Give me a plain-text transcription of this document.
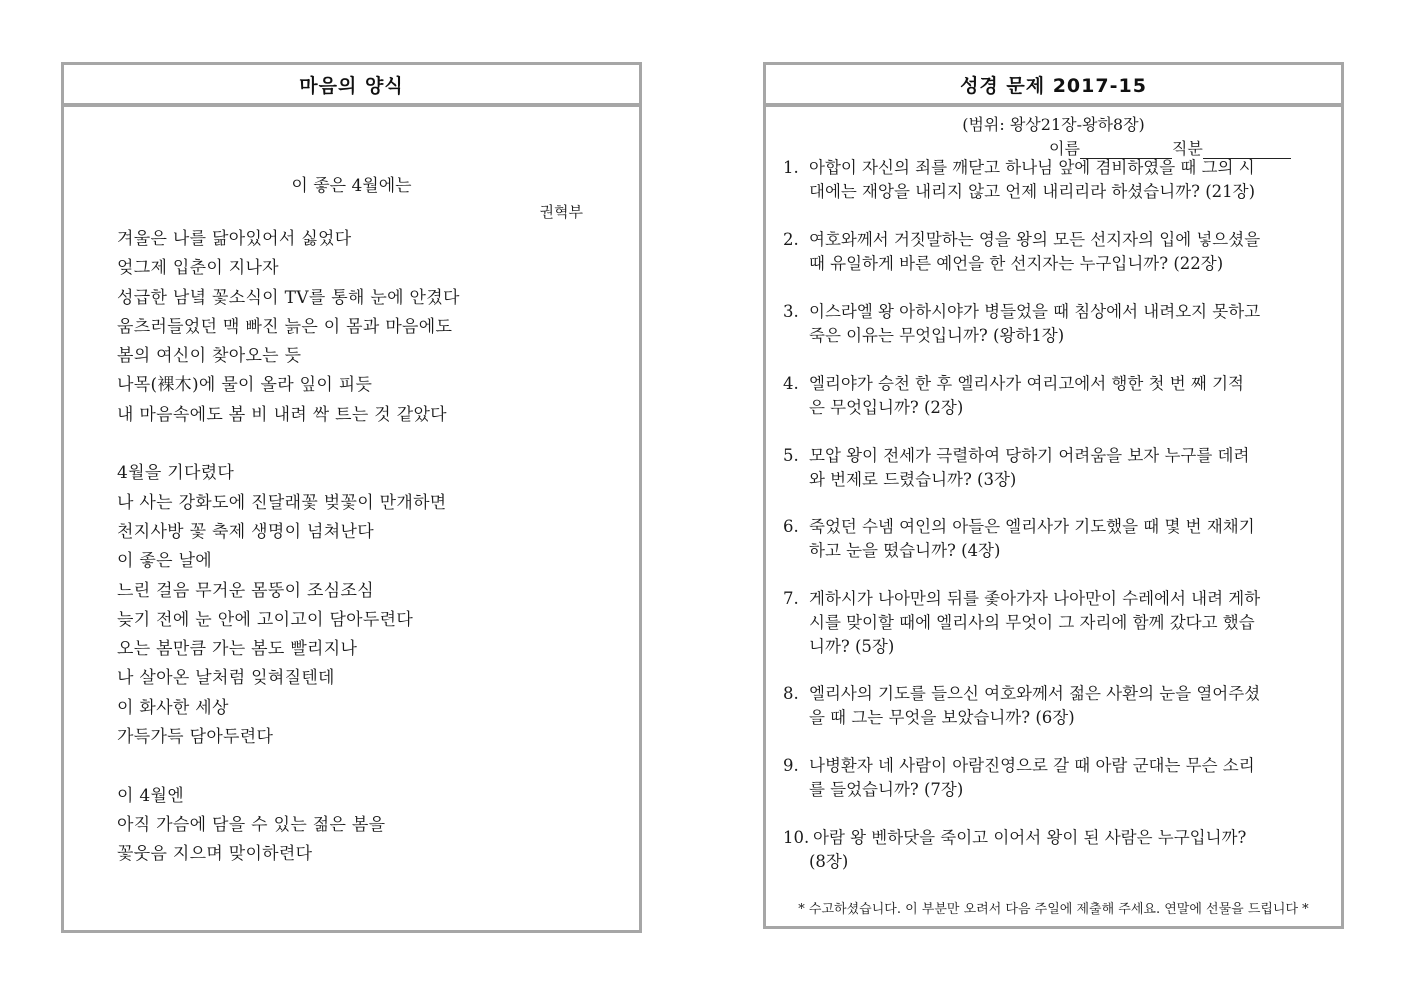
마음의 양식
이 좋은 4월에는
권혁부
겨울은 나를 닮아있어서 싫었다
엊그제 입춘이 지나자
성급한 남녘 꽃소식이 TV를 통해 눈에 안겼다
움츠러들었던 맥 빠진 늙은 이 몸과 마음에도
봄의 여신이 찾아오는 듯
나목(裸木)에 물이 올라 잎이 피듯
내 마음속에도 봄 비 내려 싹 트는 것 같았다
4월을 기다렸다
나 사는 강화도에 진달래꽃 벚꽃이 만개하면
천지사방 꽃 축제 생명이 넘쳐난다
이 좋은 날에
느린 걸음 무거운 몸뚱이 조심조심
늦기 전에 눈 안에 고이고이 담아두련다
오는 봄만큼 가는 봄도 빨리지나
나 살아온 날처럼 잊혀질텐데
이 화사한 세상
가득가득 담아두련다
이 4월엔
아직 가슴에 담을 수 있는 젊은 봄을
꽃웃음 지으며 맞이하련다
성경 문제 2017-15
(범위: 왕상21장-왕하8장)
이름	직분
1. 아합이 자신의 죄를 깨닫고 하나님 앞에 겸비하였을 때 그의 시
대에는 재앙을 내리지 않고 언제 내리리라 하셨습니까? (21장)
2. 여호와께서 거짓말하는 영을 왕의 모든 선지자의 입에 넣으셨을
때 유일하게 바른 예언을 한 선지자는 누구입니까? (22장)
3. 이스라엘 왕 아하시야가 병들었을 때 침상에서 내려오지 못하고
죽은 이유는 무엇입니까? (왕하1장)
4. 엘리야가 승천 한 후 엘리사가 여리고에서 행한 첫 번 째 기적
은 무엇입니까? (2장)
5. 모압 왕이 전세가 극렬하여 당하기 어려움을 보자 누구를 데려
와 번제로 드렸습니까? (3장)
6. 죽었던 수넴 여인의 아들은 엘리사가 기도했을 때 몇 번 재채기
하고 눈을 떴습니까? (4장)
7. 게하시가 나아만의 뒤를 좇아가자 나아만이 수레에서 내려 게하
시를 맞이할 때에 엘리사의 무엇이 그 자리에 함께 갔다고 했습
니까? (5장)
8. 엘리사의 기도를 들으신 여호와께서 젊은 사환의 눈을 열어주셨
을 때 그는 무엇을 보았습니까? (6장)
9. 나병환자 네 사람이 아람진영으로 갈 때 아람 군대는 무슨 소리
를 들었습니까? (7장)
10. 아람 왕 벤하닷을 죽이고 이어서 왕이 된 사람은 누구입니까?
(8장)
* 수고하셨습니다. 이 부분만 오려서 다음 주일에 제출해 주세요. 연말에 선물을 드립니다 *
